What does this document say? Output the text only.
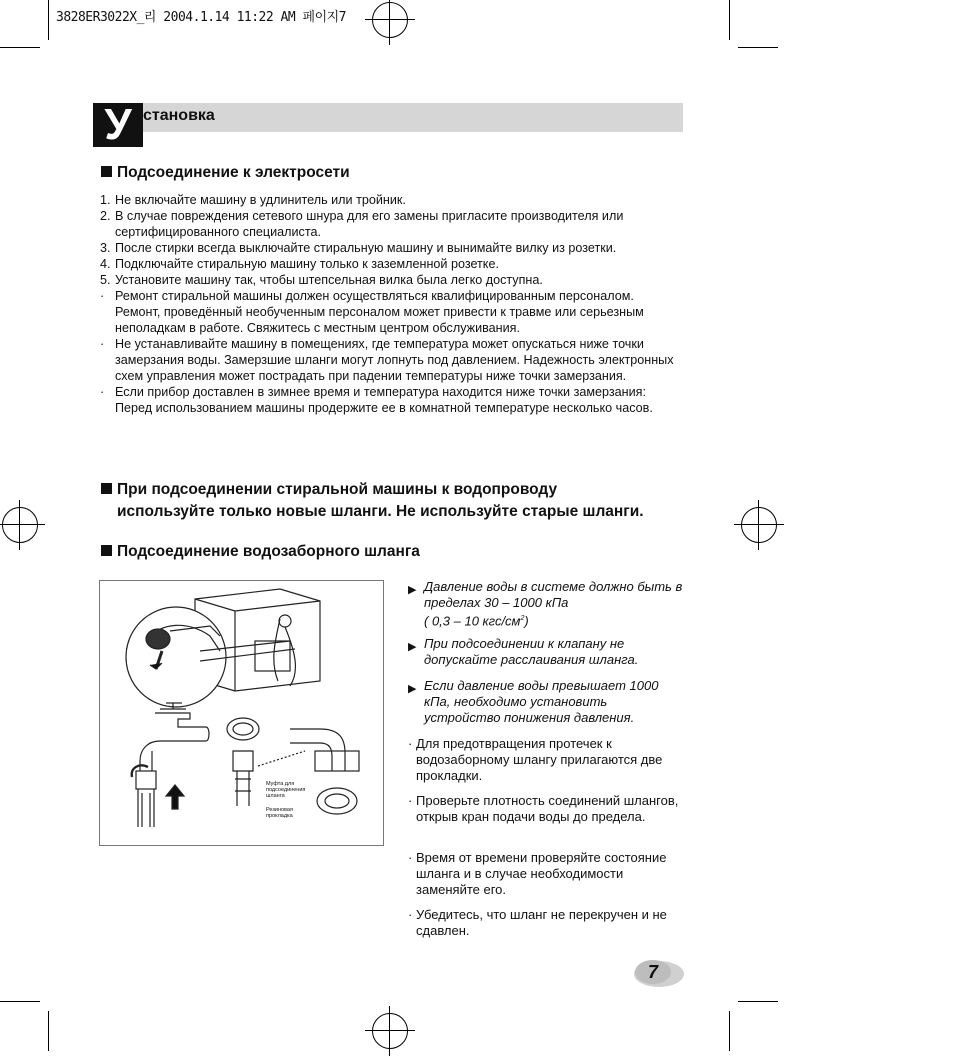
3828ER3022X_리 2004.1.14 11:22 AM 페이지7
У становка
Подсоединение к электросети
1. Не включайте машину в удлинитель или тройник.
2. В случае повреждения сетевого шнура для его замены пригласите производителя или сертифицированного специалиста.
3. После стирки всегда выключайте стиральную машину и вынимайте вилку из розетки.
4. Подключайте стиральную машину только к заземленной розетке.
5. Установите машину так, чтобы штепсельная вилка была легко доступна.
· Ремонт стиральной машины должен осуществляться квалифицированным персоналом. Ремонт, проведённый необученным персоналом может привести к травме или серьезным неполадкам в работе. Свяжитесь с местным центром обслуживания.
· Не устанавливайте машину в помещениях, где температура может опускаться ниже точки замерзания воды. Замерзшие шланги могут лопнуть под давлением. Надежность электронных схем управления может пострадать при падении температуры ниже точки замерзания.
· Если прибор доставлен в зимнее время и температура находится ниже точки замерзания: Перед использованием машины продержите ее в комнатной температуре несколько часов.
При подсоединении стиральной машины к водопроводу
используйте только новые шланги. Не используйте старые шланги.
Подсоединение водозаборного шланга
Муфта для подсоединения шланга
Резиновая прокладка
▶ Давление воды в системе должно быть в пределах 30 – 1000 кПа
( 0,3 – 10 кгс/$см^2$)
▶ При подсоединении к клапану не допускайте расслаивания шланга.
▶ Если давление воды превышает 1000 кПа, необходимо установить устройство понижения давления.
· Для предотвращения протечек к водозаборному шлангу прилагаются две прокладки.
· Проверьте плотность соединений шлангов, открыв кран подачи воды до предела.
· Время от времени проверяйте состояние шланга и в случае необходимости заменяйте его.
· Убедитесь, что шланг не перекручен и не сдавлен.
7
